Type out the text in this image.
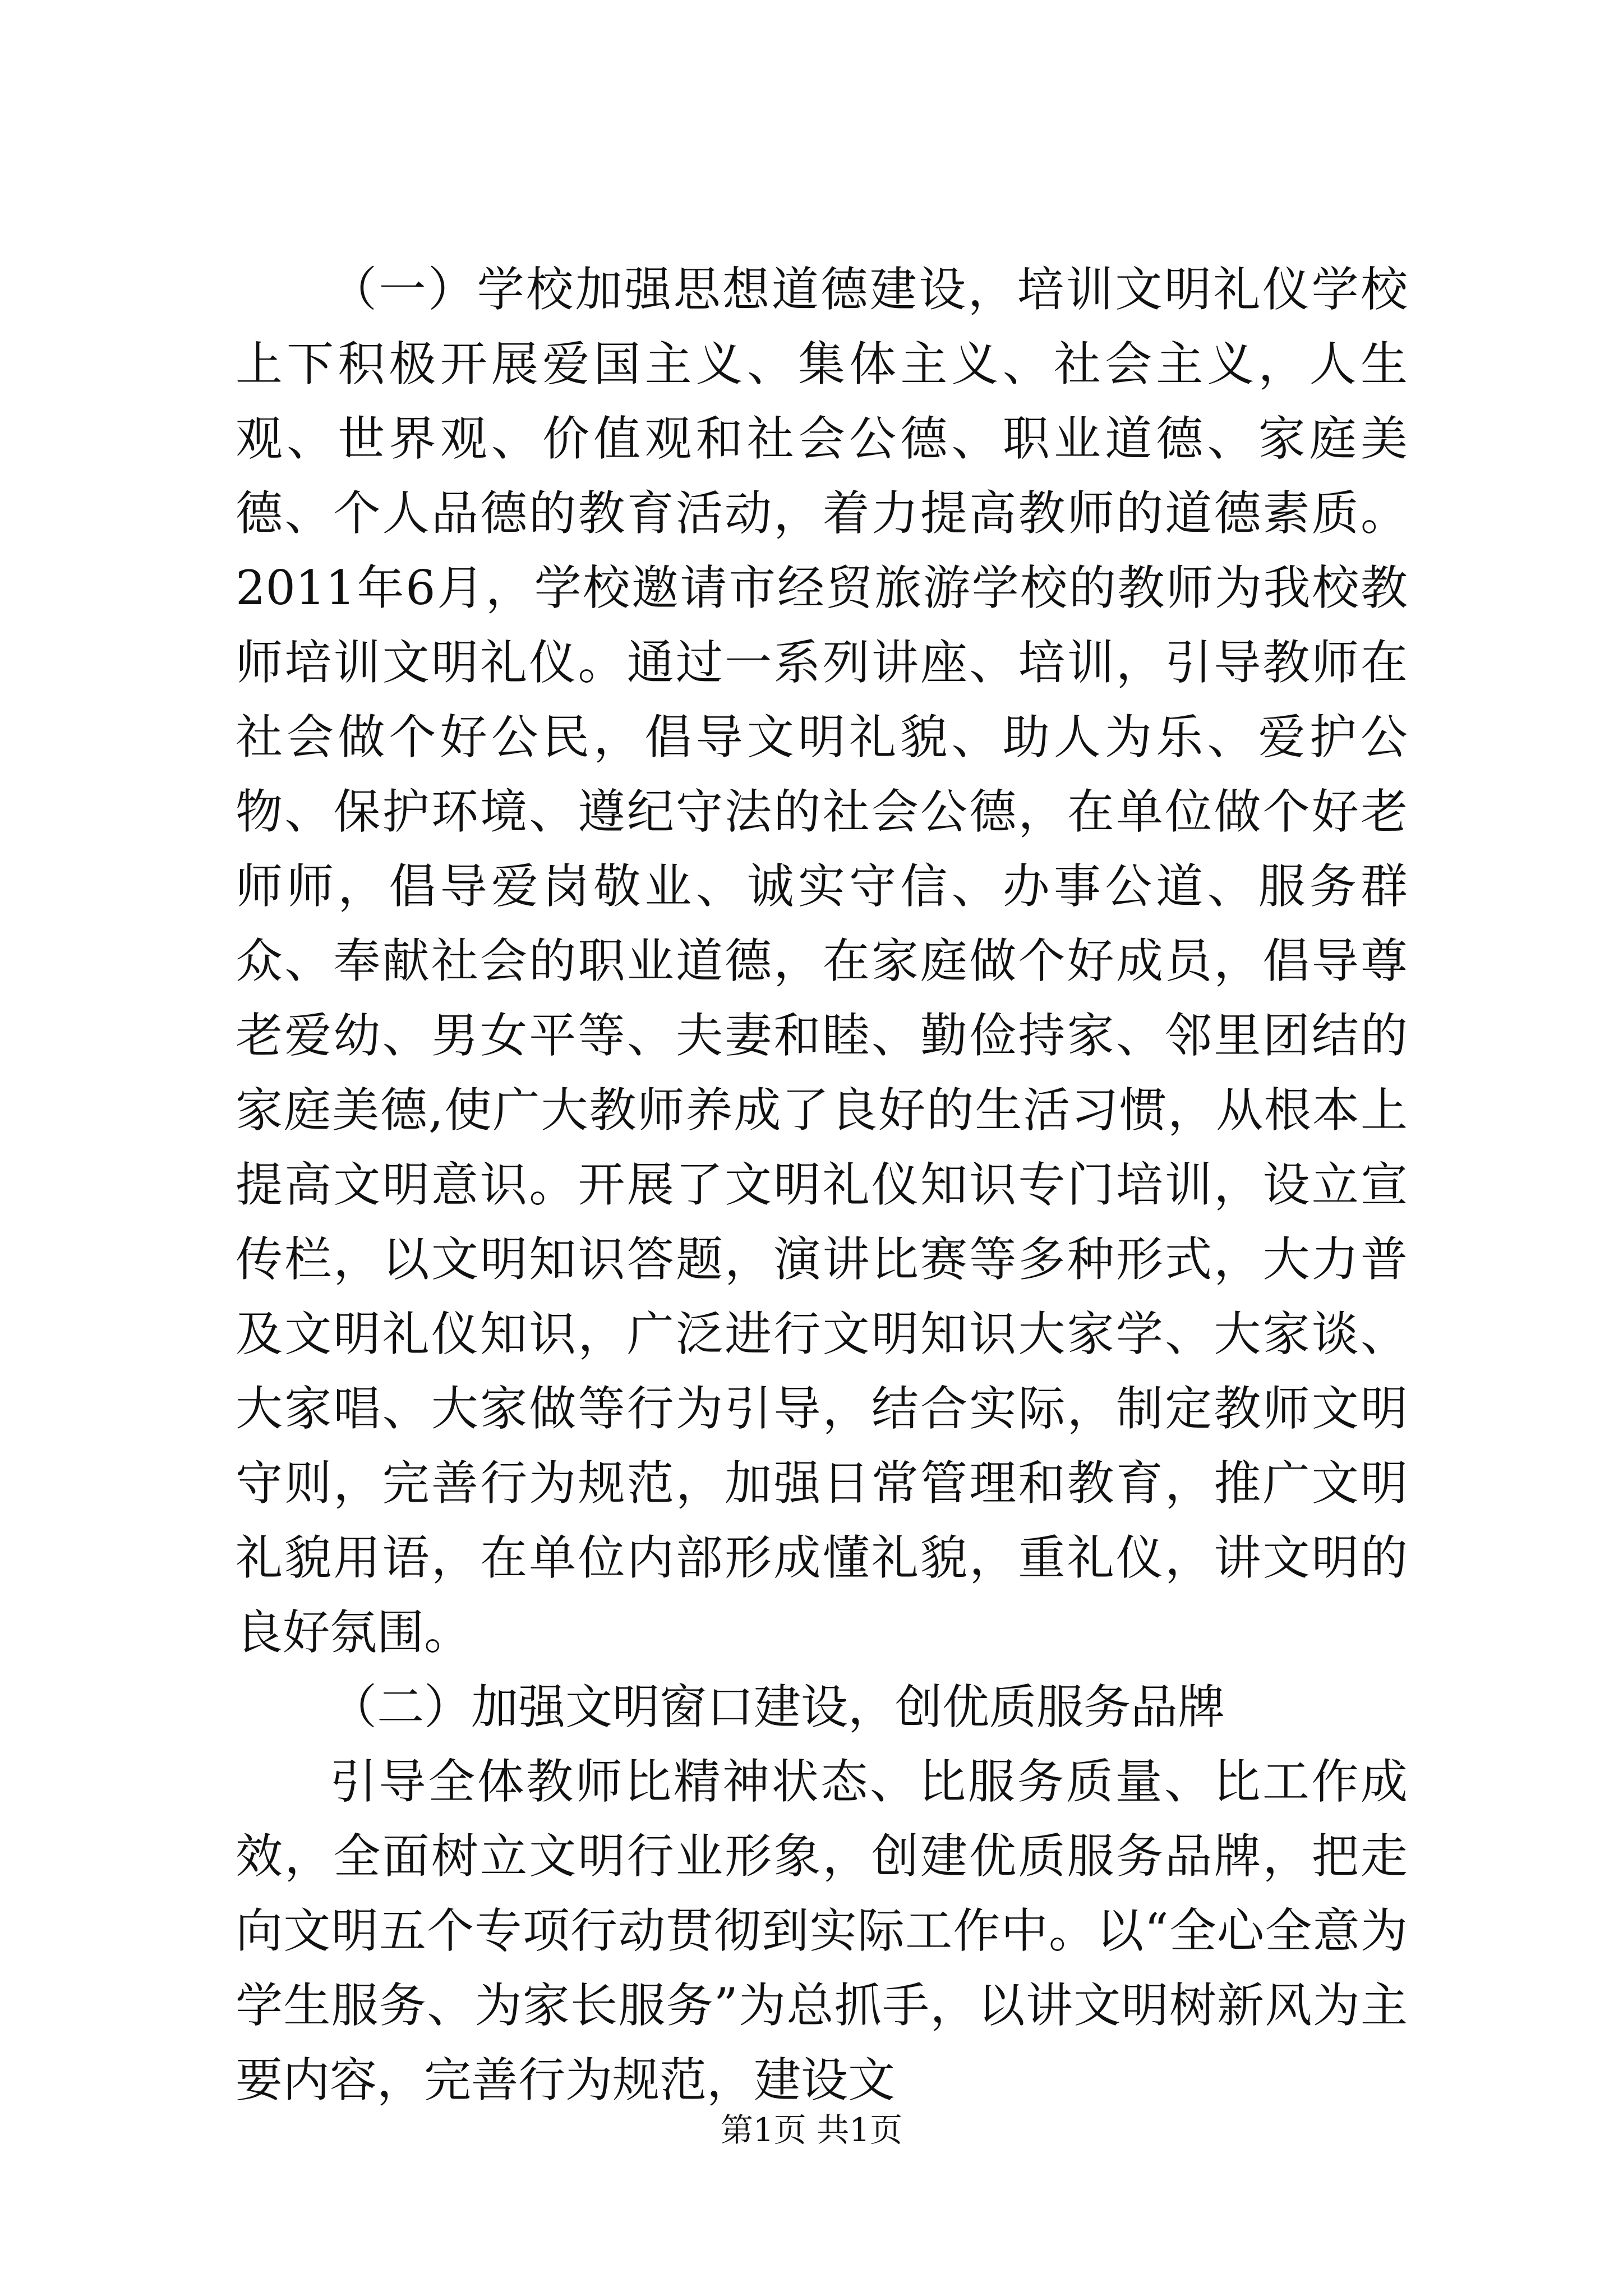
（一）学校加强思想道德建设，培训文明礼仪学校上下积极开展爱国主义、集体主义、社会主义，人生观、世界观、价值观和社会公德、职业道德、家庭美德、个人品德的教育活动，着力提高教师的道德素质。2011年6月，学校邀请市经贸旅游学校的教师为我校教师培训文明礼仪。通过一系列讲座、培训，引导教师在社会做个好公民，倡导文明礼貌、助人为乐、爱护公物、保护环境、遵纪守法的社会公德，在单位做个好老师师，倡导爱岗敬业、诚实守信、办事公道、服务群众、奉献社会的职业道德，在家庭做个好成员，倡导尊老爱幼、男女平等、夫妻和睦、勤俭持家、邻里团结的家庭美德,使广大教师养成了良好的生活习惯，从根本上提高文明意识。开展了文明礼仪知识专门培训，设立宣传栏，以文明知识答题，演讲比赛等多种形式，大力普及文明礼仪知识，广泛进行文明知识大家学、大家谈、大家唱、大家做等行为引导，结合实际，制定教师文明守则，完善行为规范，加强日常管理和教育，推广文明礼貌用语，在单位内部形成懂礼貌，重礼仪，讲文明的良好氛围。

（二）加强文明窗口建设，创优质服务品牌

引导全体教师比精神状态、比服务质量、比工作成效，全面树立文明行业形象，创建优质服务品牌，把走向文明五个专项行动贯彻到实际工作中。以“全心全意为学生服务、为家长服务”为总抓手，以讲文明树新风为主要内容，完善行为规范，建设文

第1页 共1页
